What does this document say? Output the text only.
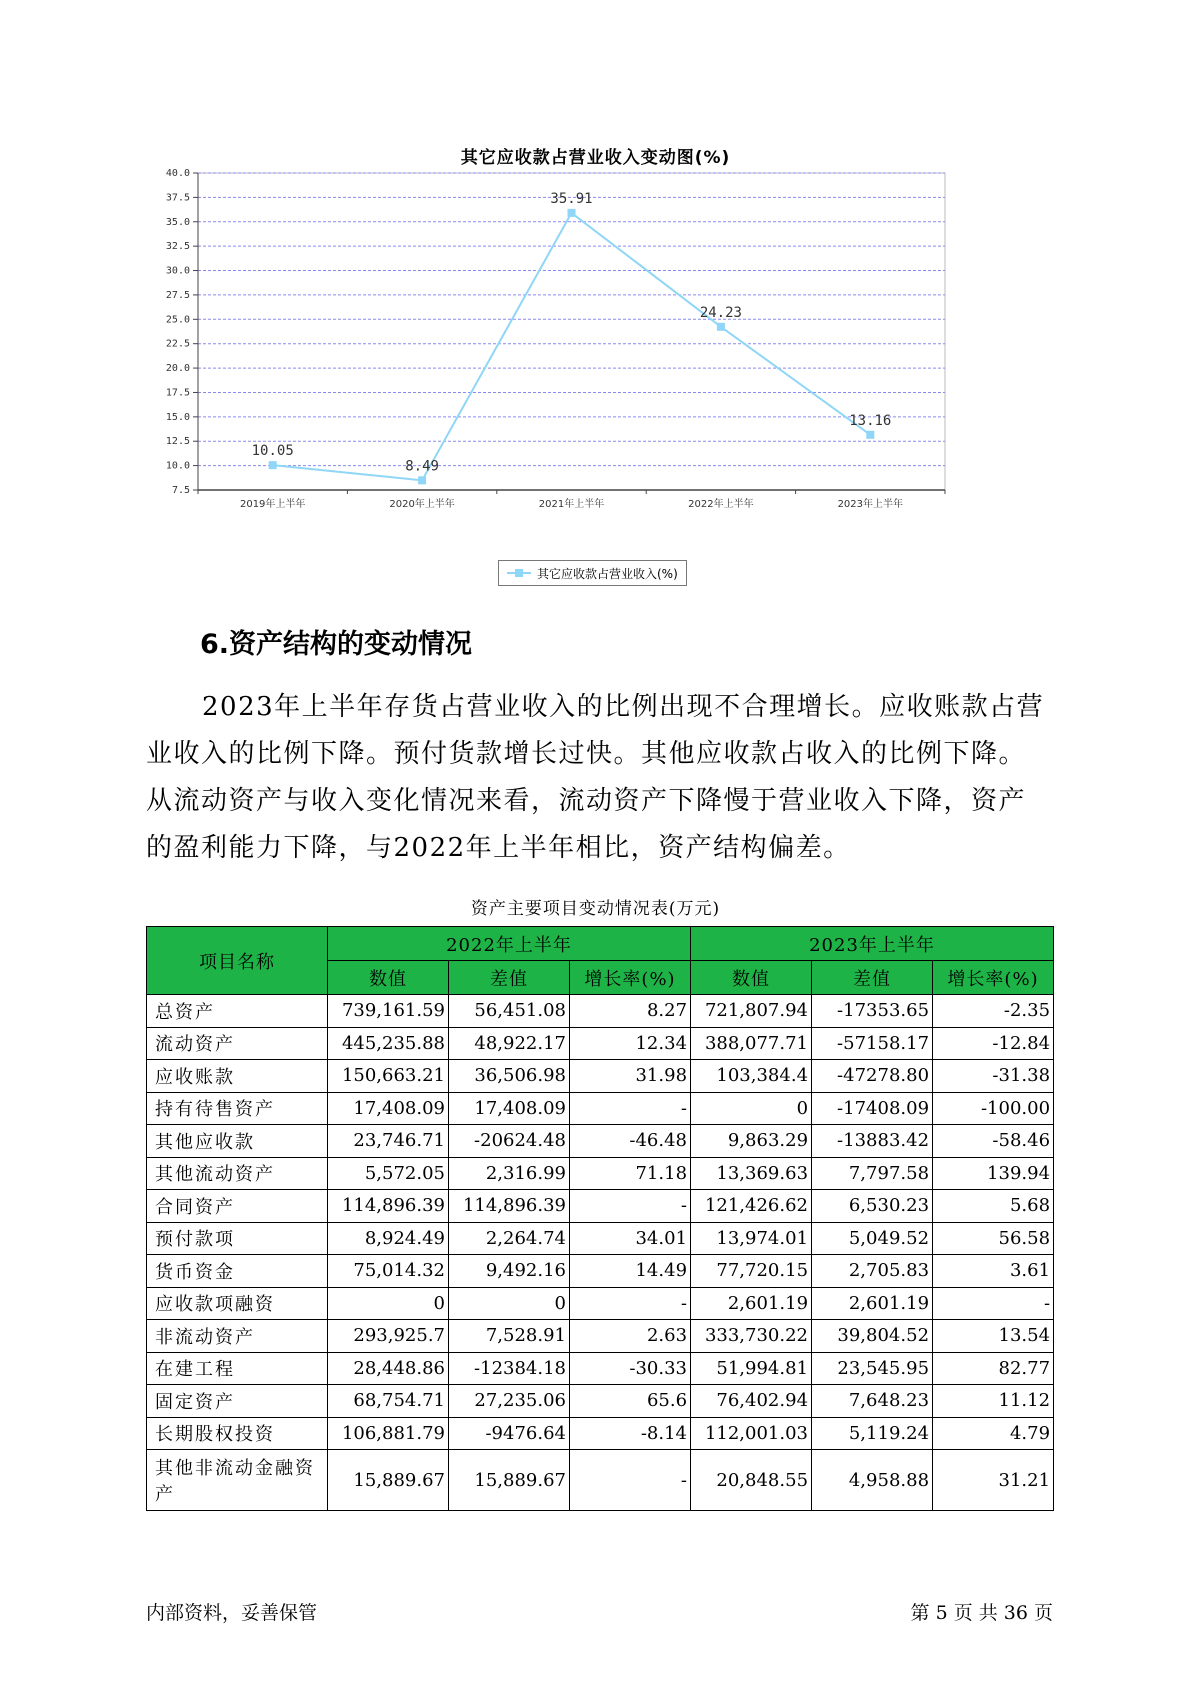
其它应收款占营业收入变动图(%)
40.0
37.5
35.0
32.5
30.0
27.5
25.0
22.5
20.0
17.5
15.0
12.5
10.0
7.5
2019年上半年	2020年上半年	2021年上半年	2022年上半年	2023年上半年
10.05
8.49
35.91
24.23
13.16
其它应收款占营业收入(%)
6.资产结构的变动情况

2023年上半年存货占营业收入的比例出现不合理增长。应收账款占营业收入的比例下降。预付货款增长过快。其他应收款占收入的比例下降。从流动资产与收入变化情况来看，流动资产下降慢于营业收入下降，资产的盈利能力下降，与2022年上半年相比，资产结构偏差。

资产主要项目变动情况表(万元)
项目名称	2022年上半年			2023年上半年		
	数值	差值	增长率(%)	数值	差值	增长率(%)
总资产	739,161.59	56,451.08	8.27	721,807.94	-17353.65	-2.35
流动资产	445,235.88	48,922.17	12.34	388,077.71	-57158.17	-12.84
应收账款	150,663.21	36,506.98	31.98	103,384.4	-47278.80	-31.38
持有待售资产	17,408.09	17,408.09	-	0	-17408.09	-100.00
其他应收款	23,746.71	-20624.48	-46.48	9,863.29	-13883.42	-58.46
其他流动资产	5,572.05	2,316.99	71.18	13,369.63	7,797.58	139.94
合同资产	114,896.39	114,896.39	-	121,426.62	6,530.23	5.68
预付款项	8,924.49	2,264.74	34.01	13,974.01	5,049.52	56.58
货币资金	75,014.32	9,492.16	14.49	77,720.15	2,705.83	3.61
应收款项融资	0	0	-	2,601.19	2,601.19	-
非流动资产	293,925.7	7,528.91	2.63	333,730.22	39,804.52	13.54
在建工程	28,448.86	-12384.18	-30.33	51,994.81	23,545.95	82.77
固定资产	68,754.71	27,235.06	65.6	76,402.94	7,648.23	11.12
长期股权投资	106,881.79	-9476.64	-8.14	112,001.03	5,119.24	4.79
其他非流动金融资产	15,889.67	15,889.67	-	20,848.55	4,958.88	31.21
内部资料，妥善保管	第 5 页 共 36 页
